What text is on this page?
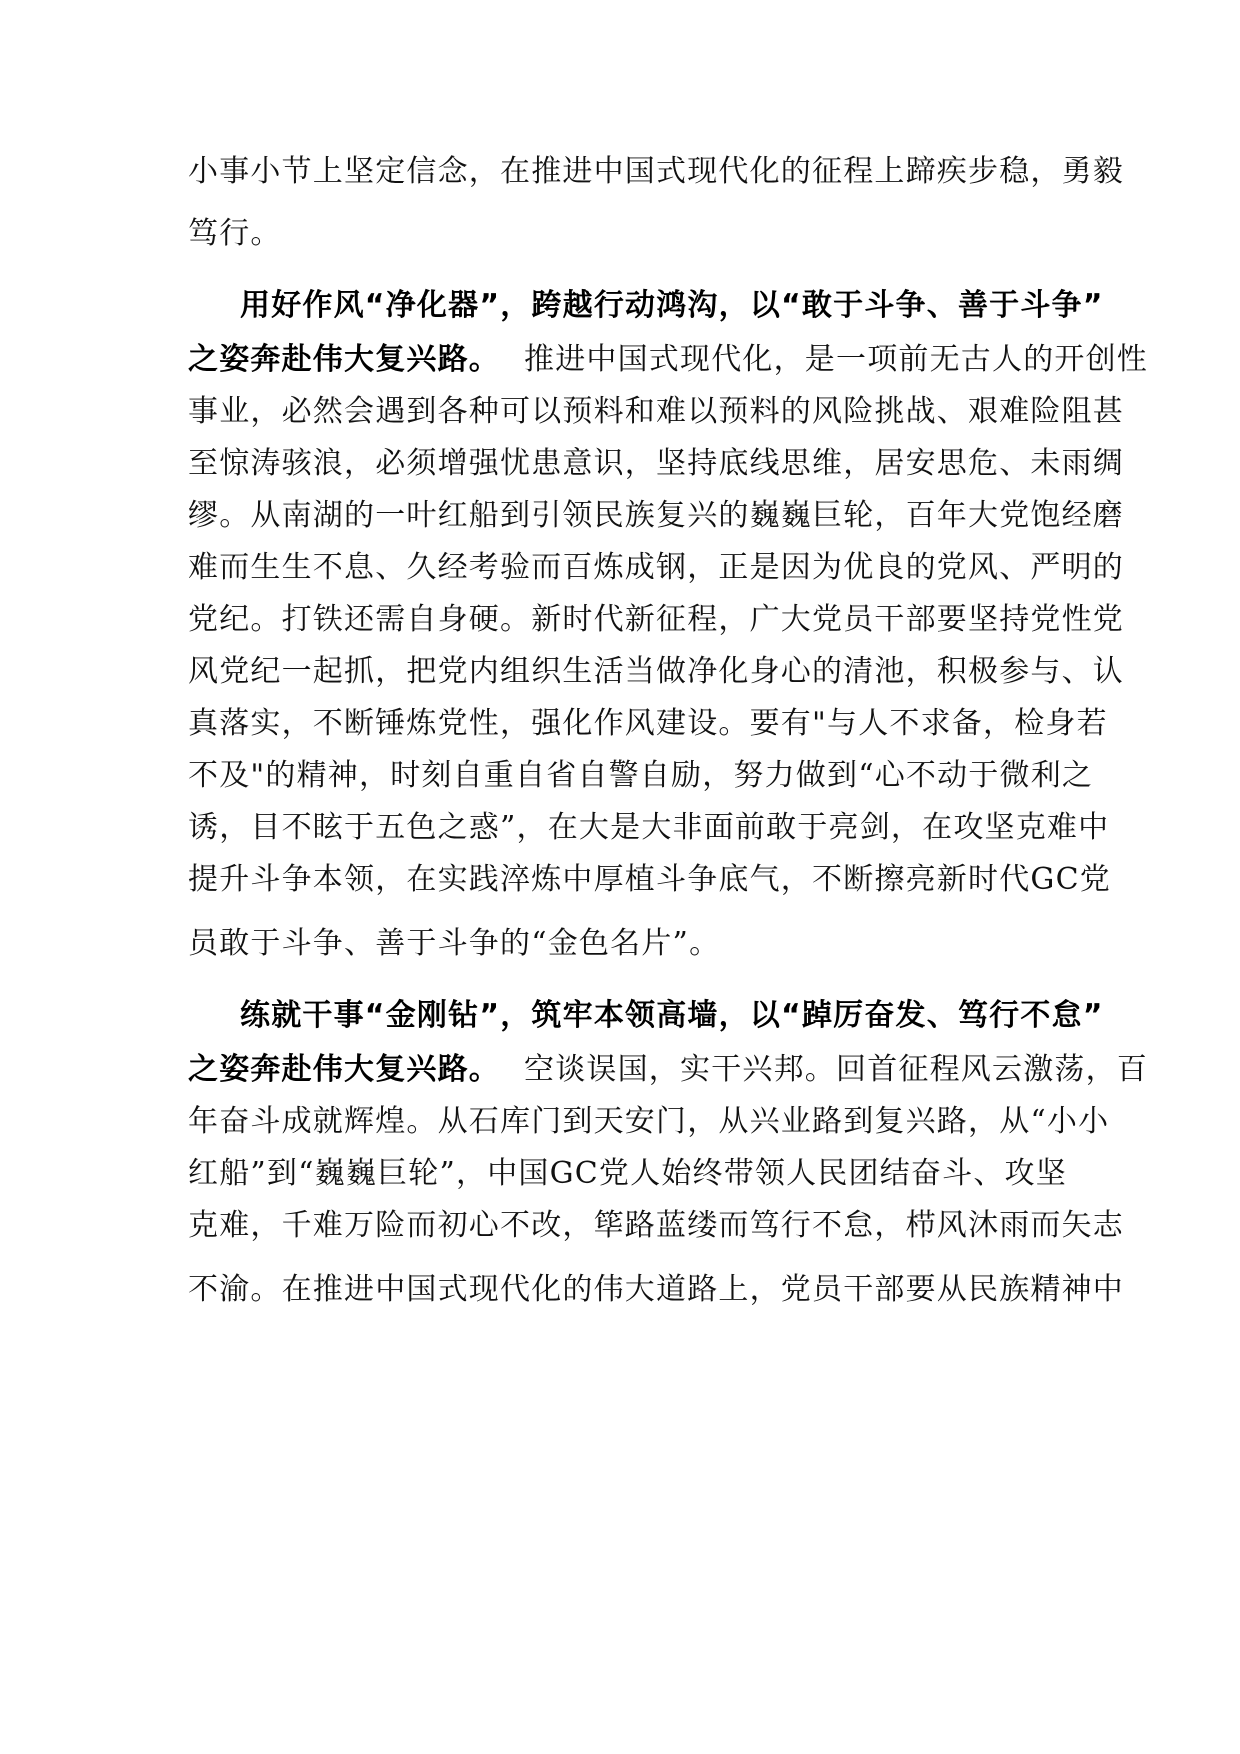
小事小节上坚定信念，在推进中国式现代化的征程上蹄疾步稳，勇毅
笃行。
用好作风“净化器”，跨越行动鸿沟，以“敢于斗争、善于斗争”
之姿奔赴伟大复兴路。 推进中国式现代化，是一项前无古人的开创性
事业，必然会遇到各种可以预料和难以预料的风险挑战、艰难险阻甚
至惊涛骇浪，必须增强忧患意识，坚持底线思维，居安思危、未雨绸
缪。从南湖的一叶红船到引领民族复兴的巍巍巨轮，百年大党饱经磨
难而生生不息、久经考验而百炼成钢，正是因为优良的党风、严明的
党纪。打铁还需自身硬。新时代新征程，广大党员干部要坚持党性党
风党纪一起抓，把党内组织生活当做净化身心的清池，积极参与、认
真落实，不断锤炼党性，强化作风建设。要有"与人不求备，检身若
不及"的精神，时刻自重自省自警自励，努力做到“心不动于微利之
诱，目不眩于五色之惑”，在大是大非面前敢于亮剑，在攻坚克难中
提升斗争本领，在实践淬炼中厚植斗争底气，不断擦亮新时代GC党
员敢于斗争、善于斗争的“金色名片”。
练就干事“金刚钻”，筑牢本领高墙，以“踔厉奋发、笃行不怠”
之姿奔赴伟大复兴路。 空谈误国，实干兴邦。回首征程风云激荡，百
年奋斗成就辉煌。从石库门到天安门，从兴业路到复兴路，从“小小
红船”到“巍巍巨轮”，中国GC党人始终带领人民团结奋斗、攻坚
克难，千难万险而初心不改，筚路蓝缕而笃行不怠，栉风沐雨而矢志
不渝。在推进中国式现代化的伟大道路上，党员干部要从民族精神中
